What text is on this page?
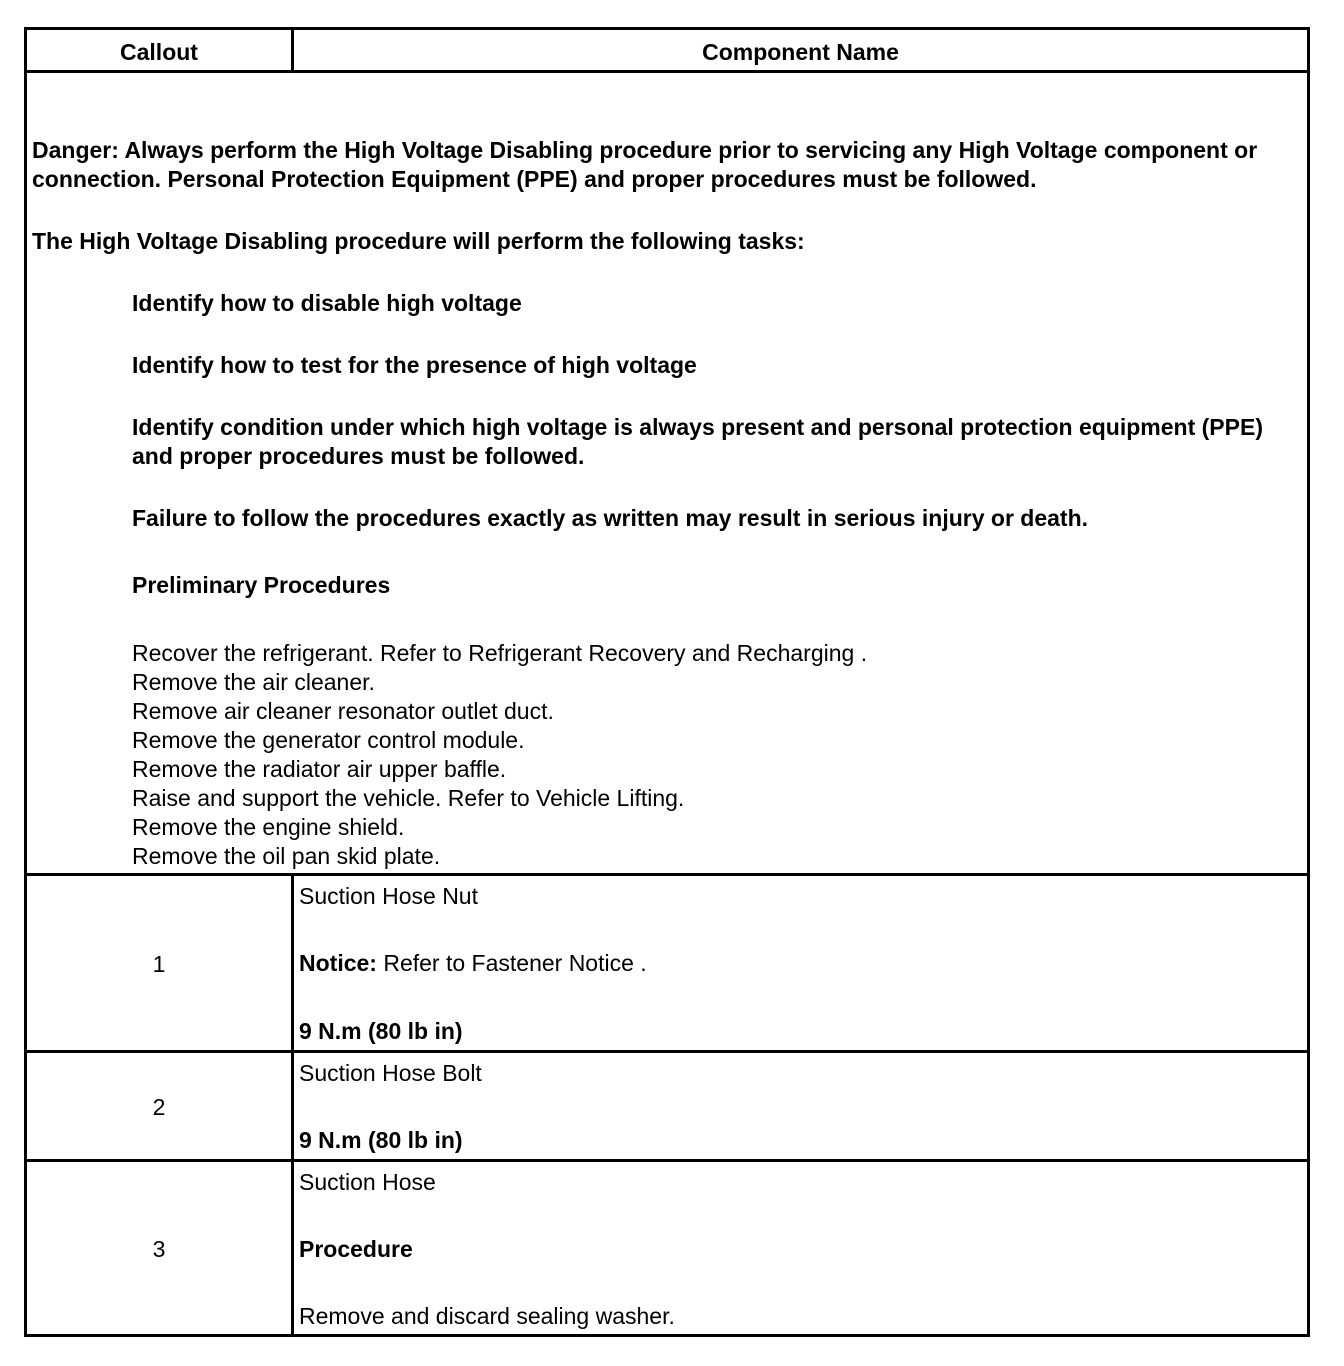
Callout	Component Name
Danger: Always perform the High Voltage Disabling procedure prior to servicing any High Voltage component or connection. Personal Protection Equipment (PPE) and proper procedures must be followed.
The High Voltage Disabling procedure will perform the following tasks:
Identify how to disable high voltage
Identify how to test for the presence of high voltage
Identify condition under which high voltage is always present and personal protection equipment (PPE) and proper procedures must be followed.
Failure to follow the procedures exactly as written may result in serious injury or death.
Preliminary Procedures
Recover the refrigerant. Refer to Refrigerant Recovery and Recharging .
Remove the air cleaner.
Remove air cleaner resonator outlet duct.
Remove the generator control module.
Remove the radiator air upper baffle.
Raise and support the vehicle. Refer to Vehicle Lifting.
Remove the engine shield.
Remove the oil pan skid plate.
1
Suction Hose Nut
Notice: Refer to Fastener Notice .
9 N.m (80 lb in)
2
Suction Hose Bolt
9 N.m (80 lb in)
3
Suction Hose
Procedure
Remove and discard sealing washer.
